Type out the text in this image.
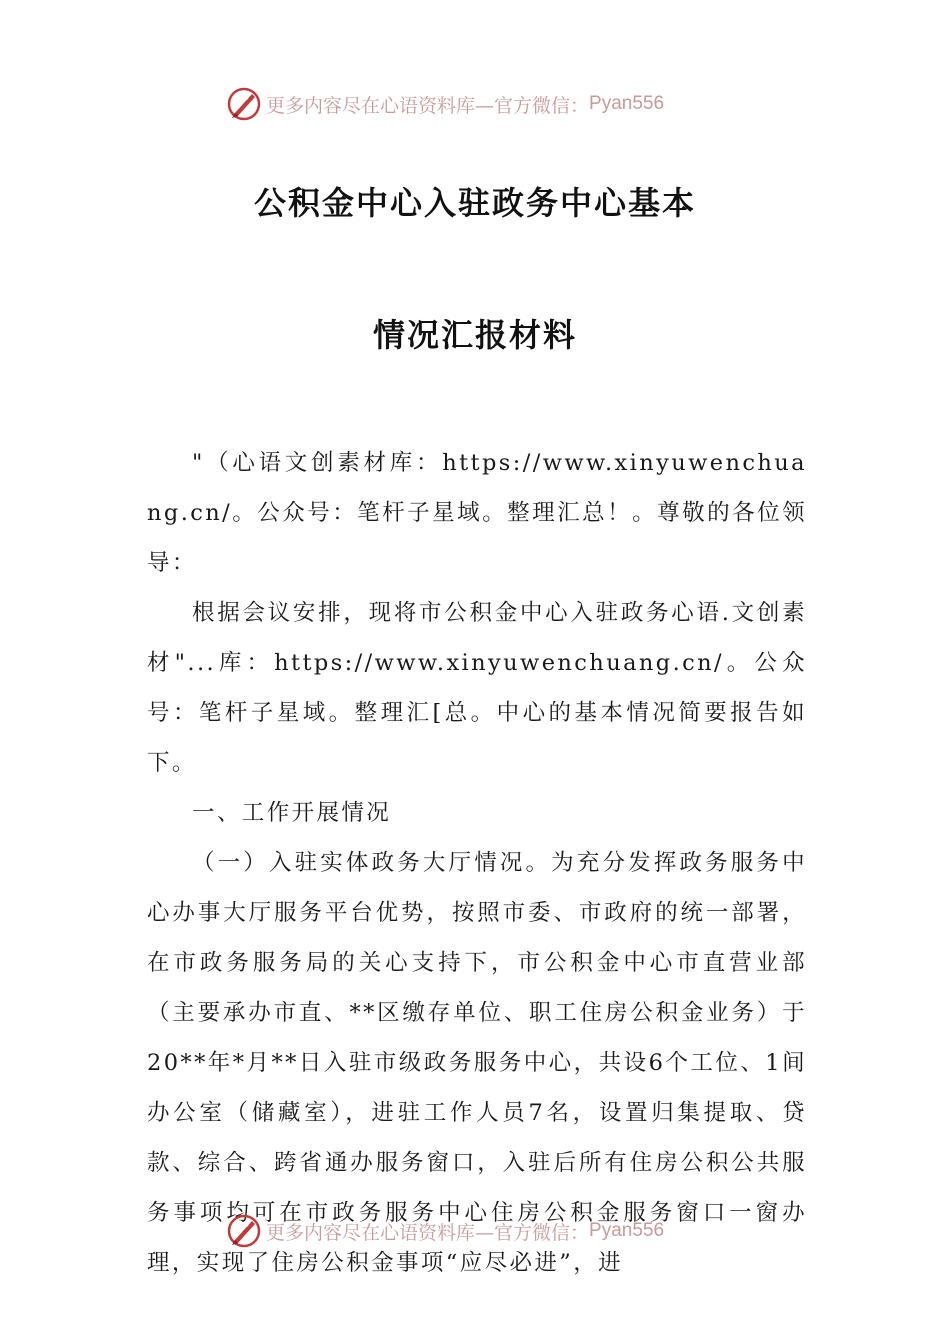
更多内容尽在心语资料库—官方微信： Pyan556
公积金中心入驻政务中心基本
情况汇报材料

"（心语文创素材库：https://www.xinyuwenchuang.cn/。公众号：笔杆子星域。整理汇总！。尊敬的各位领导：

根据会议安排，现将市公积金中心入驻政务心语.文创素材"...库：https://www.xinyuwenchuang.cn/。公众号：笔杆子星域。整理汇[总。中心的基本情况简要报告如下。

一、工作开展情况

（一）入驻实体政务大厅情况。为充分发挥政务服务中心办事大厅服务平台优势，按照市委、市政府的统一部署，在市政务服务局的关心支持下，市公积金中心市直营业部（主要承办市直、**区缴存单位、职工住房公积金业务）于20**年*月**日入驻市级政务服务中心，共设6个工位、1间办公室（储藏室），进驻工作人员7名，设置归集提取、贷款、综合、跨省通办服务窗口，入驻后所有住房公积公共服务事项均可在市政务服务中心住房公积金服务窗口一窗办理，实现了住房公积金事项“应尽必进”，进

更多内容尽在心语资料库—官方微信： Pyan556
